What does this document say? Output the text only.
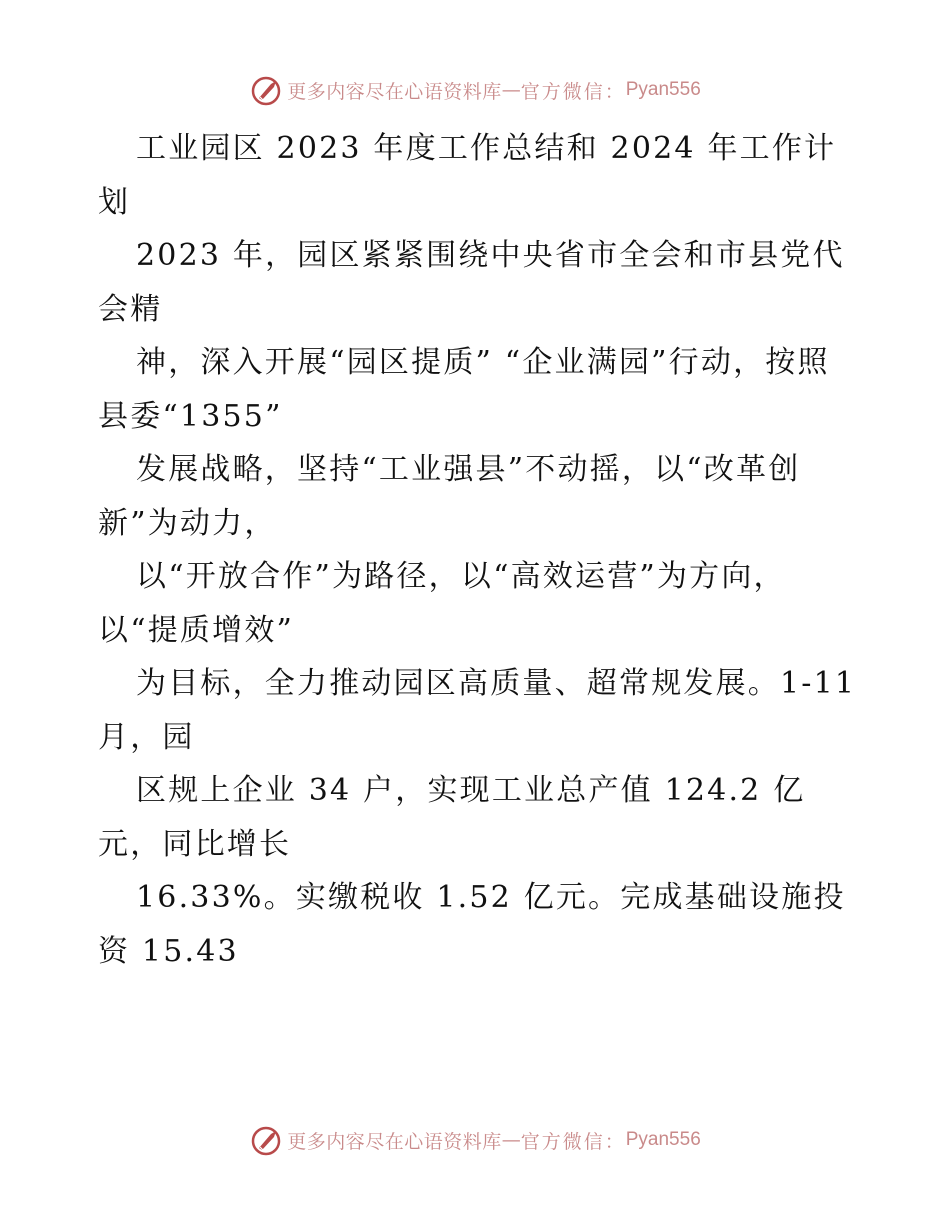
更多内容尽在心语资料库 — 官方微信： Pyan556

工业园区 2023 年度工作总结和 2024 年工作计划

2023 年，园区紧紧围绕中央省市全会和市县党代会精

神，深入开展“园区提质” “企业满园”行动，按照县委“1355”

发展战略，坚持“工业强县”不动摇，以“改革创新”为动力，

以“开放合作”为路径，以“高效运营”为方向，以“提质增效”

为目标，全力推动园区高质量、超常规发展。1-11 月，园

区规上企业 34 户，实现工业总产值 124.2 亿元，同比增长

16.33%。实缴税收 1.52 亿元。完成基础设施投资 15.43

更多内容尽在心语资料库 — 官方微信： Pyan556
